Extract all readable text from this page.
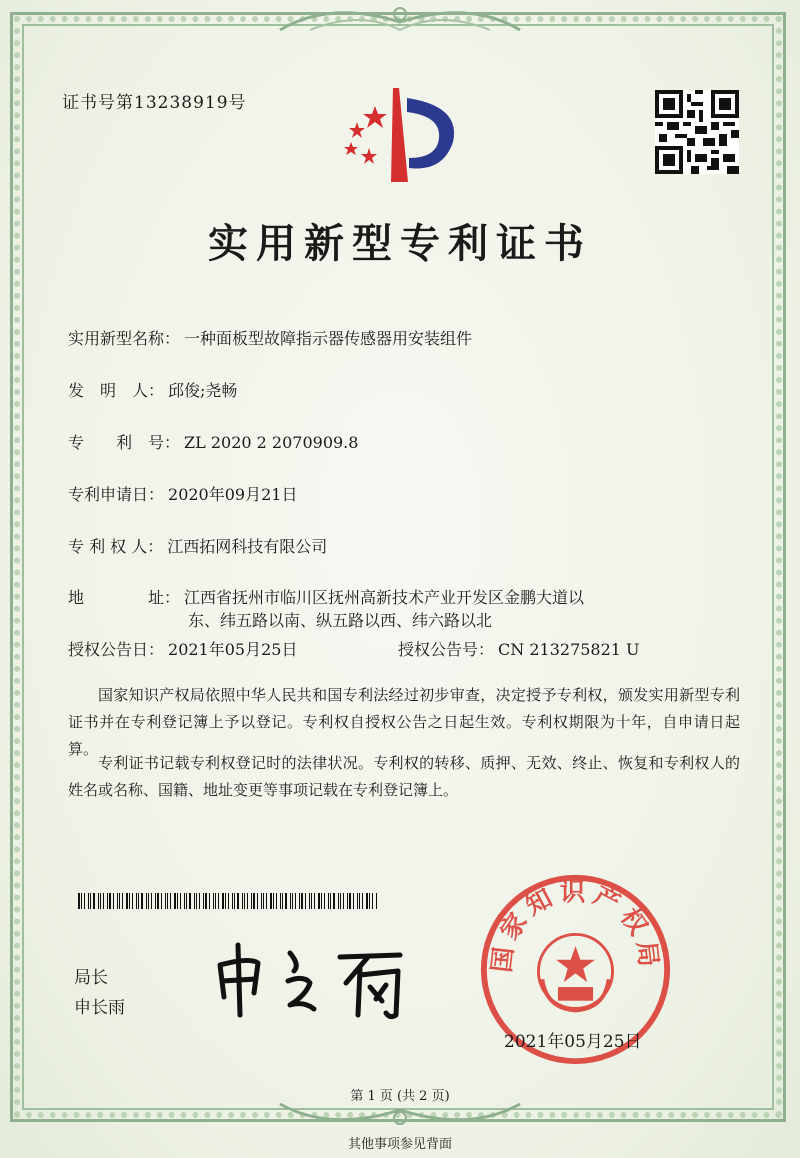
证书号第13238919号
实用新型专利证书
实用新型名称： 一种面板型故障指示器传感器用安装组件
发　明　人： 邱俊;尧畅
专　　利　号： ZL 2020 2 2070909.8
专利申请日： 2020年09月21日
专 利 权 人： 江西拓网科技有限公司
地　　　　址： 江西省抚州市临川区抚州高新技术产业开发区金鹏大道以
东、纬五路以南、纵五路以西、纬六路以北
授权公告日： 2021年05月25日	授权公告号： CN 213275821 U
国家知识产权局依照中华人民共和国专利法经过初步审查，决定授予专利权，颁发实用新型专利证书并在专利登记簿上予以登记。专利权自授权公告之日起生效。专利权期限为十年，自申请日起算。
专利证书记载专利权登记时的法律状况。专利权的转移、质押、无效、终止、恢复和专利权人的姓名或名称、国籍、地址变更等事项记载在专利登记簿上。
局长
申长雨
国家知识产权局
2021年05月25日
第 1 页 (共 2 页)
其他事项参见背面
